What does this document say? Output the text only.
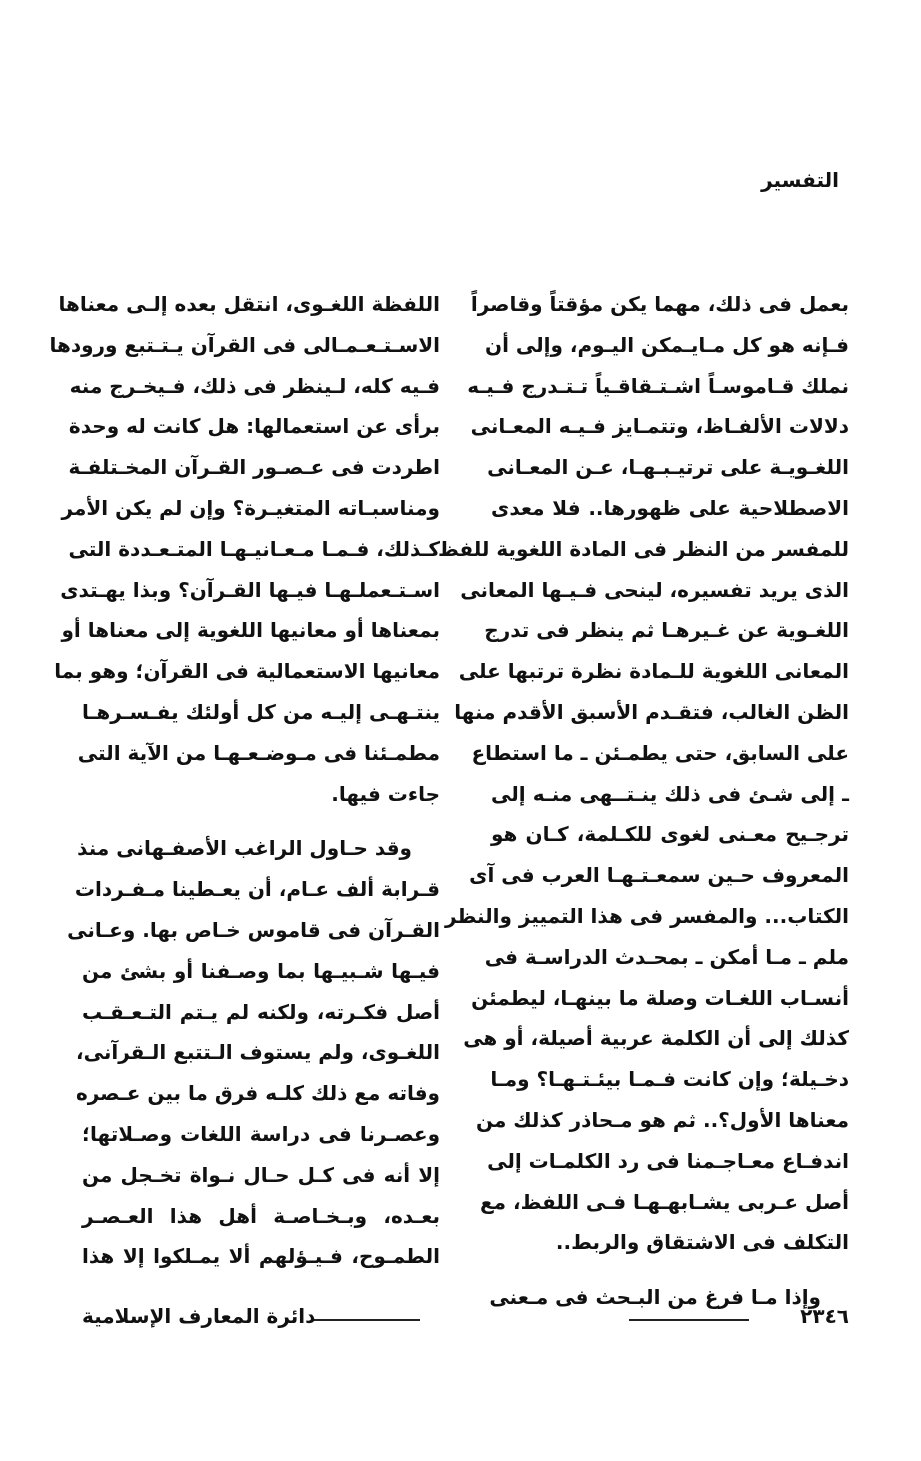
التفسير
بعمل فى ذلك، مهما يكن مؤقتاً وقاصراً
فـإنه هو كل مـايـمكن اليـوم، وإلى أن
نملك قـاموسـاً اشـتـقاقـياً تـتـدرج فـيـه
دلالات الألفـاظ، وتتمـايز فـيـه المعـانى
اللغـويـة على ترتيـبـهـا، عـن المعـانى
الاصطلاحية على ظهورها.. فلا معدى
للمفسر من النظر فى المادة اللغوية للفظ
الذى يريد تفسيره، لينحى فـيـها المعانى
اللغـوية عن غـيرهـا ثم ينظر فى تدرج
المعانى اللغوية للـمادة نظرة ترتبها على
الظن الغالب، فتقـدم الأسبق الأقدم منها
على السابق، حتى يطمـئن ـ ما استطاع
ـ إلى شـئ فى ذلك ينـتــهى منـه إلى
ترجـيح معـنى لغوى للكـلمة، كـان هو
المعروف حـين سمعـتـهـا العرب فى آى
الكتاب... والمفسر فى هذا التمييز والنظر
ملم ـ مـا أمكن ـ بمحـدث الدراسـة فى
أنسـاب اللغـات وصلة ما بينهـا، ليطمئن
كذلك إلى أن الكلمة عربية أصيلة، أو هى
دخـيلة؛ وإن كانت فـمـا بيئـتـهـا؟ ومـا
معناها الأول؟.. ثم هو مـحاذر كذلك من
اندفـاع معـاجـمنا فى رد الكلمـات إلى
أصل عـربى يشـابهـهـا فـى اللفظ، مع
التكلف فى الاشتقاق والربط..
وإذا مـا فرغ من البـحث فى مـعنى
اللفظة اللغـوى، انتقل بعده إلـى معناها
الاسـتـعـمـالى فى القرآن يـتـتبع ورودها
فـيه كله، لـينظر فى ذلك، فـيخـرج منه
برأى عن استعمالها: هل كانت له وحدة
اطردت فى عـصـور القـرآن المخـتلفـة
ومناسبـاته المتغيـرة؟ وإن لم يكن الأمر
كـذلك، فـمـا مـعـانيـهـا المتـعـددة التى
اسـتـعملـهـا فيـها القـرآن؟ وبذا يهـتدى
بمعناها أو معانيها اللغوية إلى معناها أو
معانيها الاستعمالية فى القرآن؛ وهو بما
ينتـهـى إليـه من كل أولئك يفـسـرهـا
مطمـئنا فى مـوضـعـهـا من الآية التى
جاءت فيها.
وقد حـاول الراغب الأصفـهانى منذ
قـرابة ألف عـام، أن يعـطينا مـفـردات
القـرآن فى قاموس خـاص بها. وعـانى
فيـها شـبيـها بما وصـفنا أو بشئ من
أصل فكـرته، ولكنه لم يـتم التـعـقـب
اللغـوى، ولم يستوف الـتتبع الـقرآنى،
وفاته مع ذلك كلـه فرق ما بين عـصره
وعصـرنا فى دراسة اللغات وصـلاتها؛
إلا أنه فى كـل حـال نـواة تخـجل من
بعـده، وبـخـاصـة أهل هذا العـصـر
الطمـوح، فـيـؤلهم ألا يمـلكوا إلا هذا
٢٣٤٦
دائرة المعارف الإسلامية
